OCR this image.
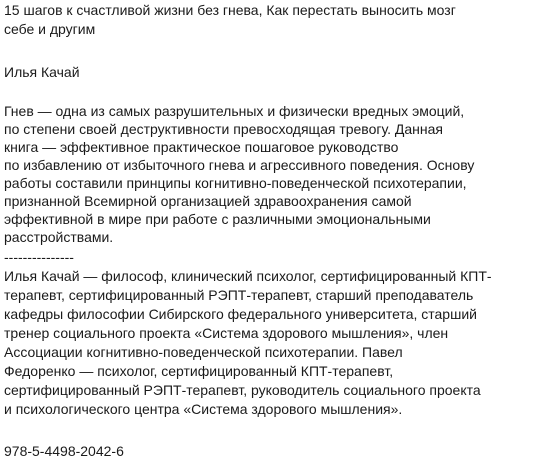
15 шагов к счастливой жизни без гнева, Как перестать выносить мозг
себе и другим
Илья Качай
Гнев — одна из самых разрушительных и физически вредных эмоций,
по степени своей деструктивности превосходящая тревогу. Данная
книга — эффективное практическое пошаговое руководство
по избавлению от избыточного гнева и агрессивного поведения. Основу
работы составили принципы когнитивно-поведенческой психотерапии,
признанной Всемирной организацией здравоохранения самой
эффективной в мире при работе с различными эмоциональными
расстройствами.
---------------
Илья Качай — философ, клинический психолог, сертифицированный КПТ-
терапевт, сертифицированный РЭПТ-терапевт, старший преподаватель
кафедры философии Сибирского федерального университета, старший
тренер социального проекта «Система здорового мышления», член
Ассоциации когнитивно-поведенческой психотерапии. Павел
Федоренко — психолог, сертифицированный КПТ-терапевт,
сертифицированный РЭПТ-терапевт, руководитель социального проекта
и психологического центра «Система здорового мышления».
978-5-4498-2042-6
